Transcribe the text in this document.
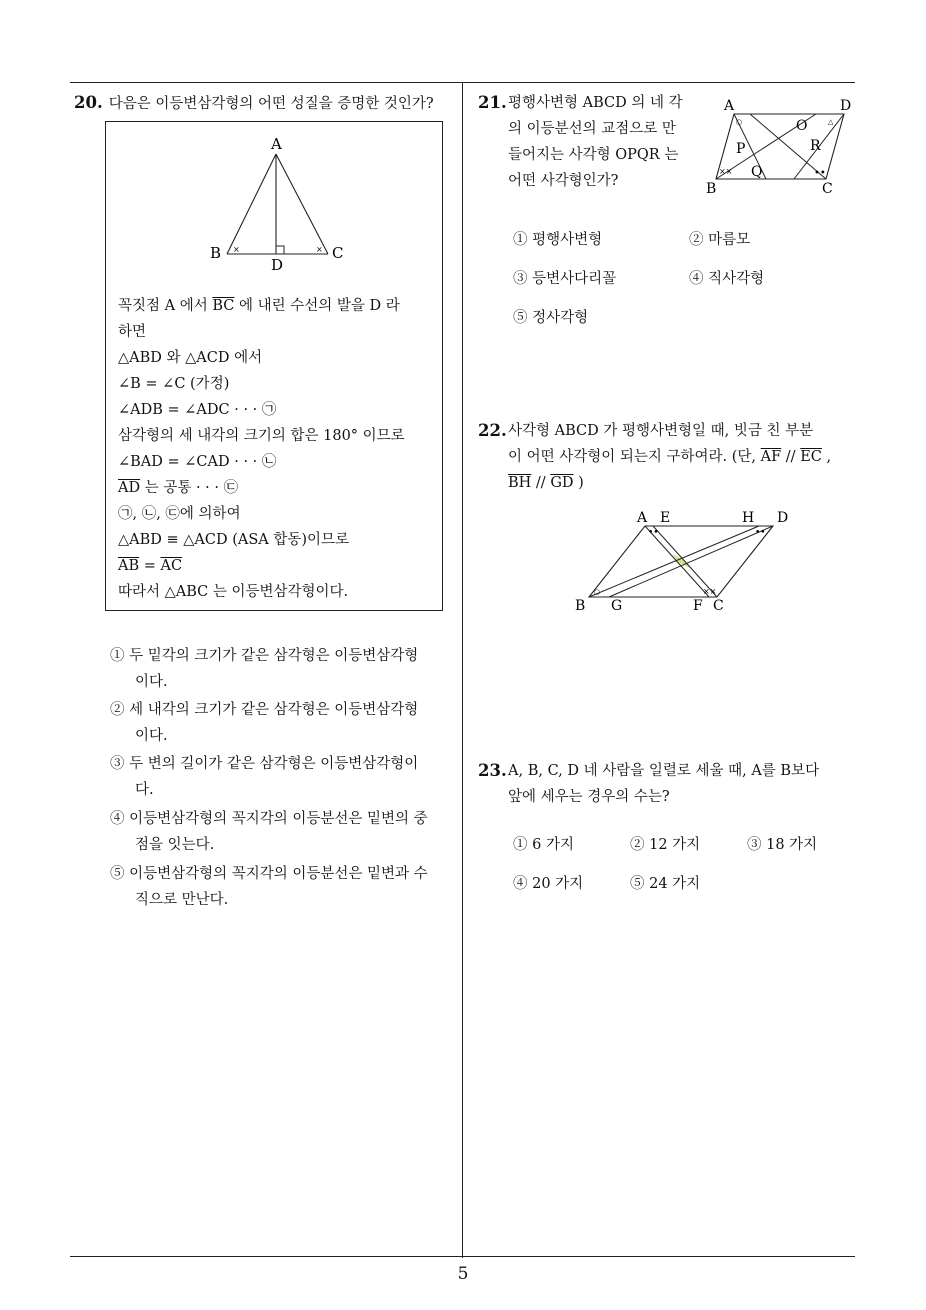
20. 다음은 이등변삼각형의 어떤 성질을 증명한 것인가?
×	×
A
B	C
D
꼭짓점 A 에서 $\overline{BC}$ 에 내린 수선의 발을 D 라
하면
△ABD 와 △ACD 에서
∠B = ∠C (가정)
∠ADB = ∠ADC · · · ㉠
삼각형의 세 내각의 크기의 합은 180° 이므로
∠BAD = ∠CAD · · · ㉡
$\overline{AD}$ 는 공통 · · · ㉢
㉠, ㉡, ㉢에 의하여
△ABD ≡ △ACD (ASA 합동)이므로
$\overline{AB} = \overline{AC}$
따라서 △ABC 는 이등변삼각형이다.
① 두 밑각의 크기가 같은 삼각형은 이등변삼각형
이다.
② 세 내각의 크기가 같은 삼각형은 이등변삼각형
이다.
③ 두 변의 길이가 같은 삼각형은 이등변삼각형이
다.
④ 이등변삼각형의 꼭지각의 이등분선은 밑변의 중
점을 잇는다.
⑤ 이등변삼각형의 꼭지각의 이등분선은 밑변과 수
직으로 만난다.
21. 평행사변형 ABCD 의 네 각
의 이등분선의 교점으로 만
들어지는 사각형 OPQR 는
어떤 사각형인가?
○	△
××	••
A	D
B	C
O
P	R
Q
① 평행사변형	② 마름모
③ 등변사다리꼴	④ 직사각형
⑤ 정사각형
22. 사각형 ABCD 가 평행사변형일 때, 빗금 친 부분
이 어떤 사각형이 되는지 구하여라. (단, $\overline{AF} // \overline{EC}$ ,
$\overline{BH} // \overline{GD}$ )
••	••
○	××
A E	H D
B G	F C
23. A, B, C, D 네 사람을 일렬로 세울 때, A를 B보다
앞에 세우는 경우의 수는?
① 6 가지	② 12 가지	③ 18 가지
④ 20 가지	⑤ 24 가지
5
